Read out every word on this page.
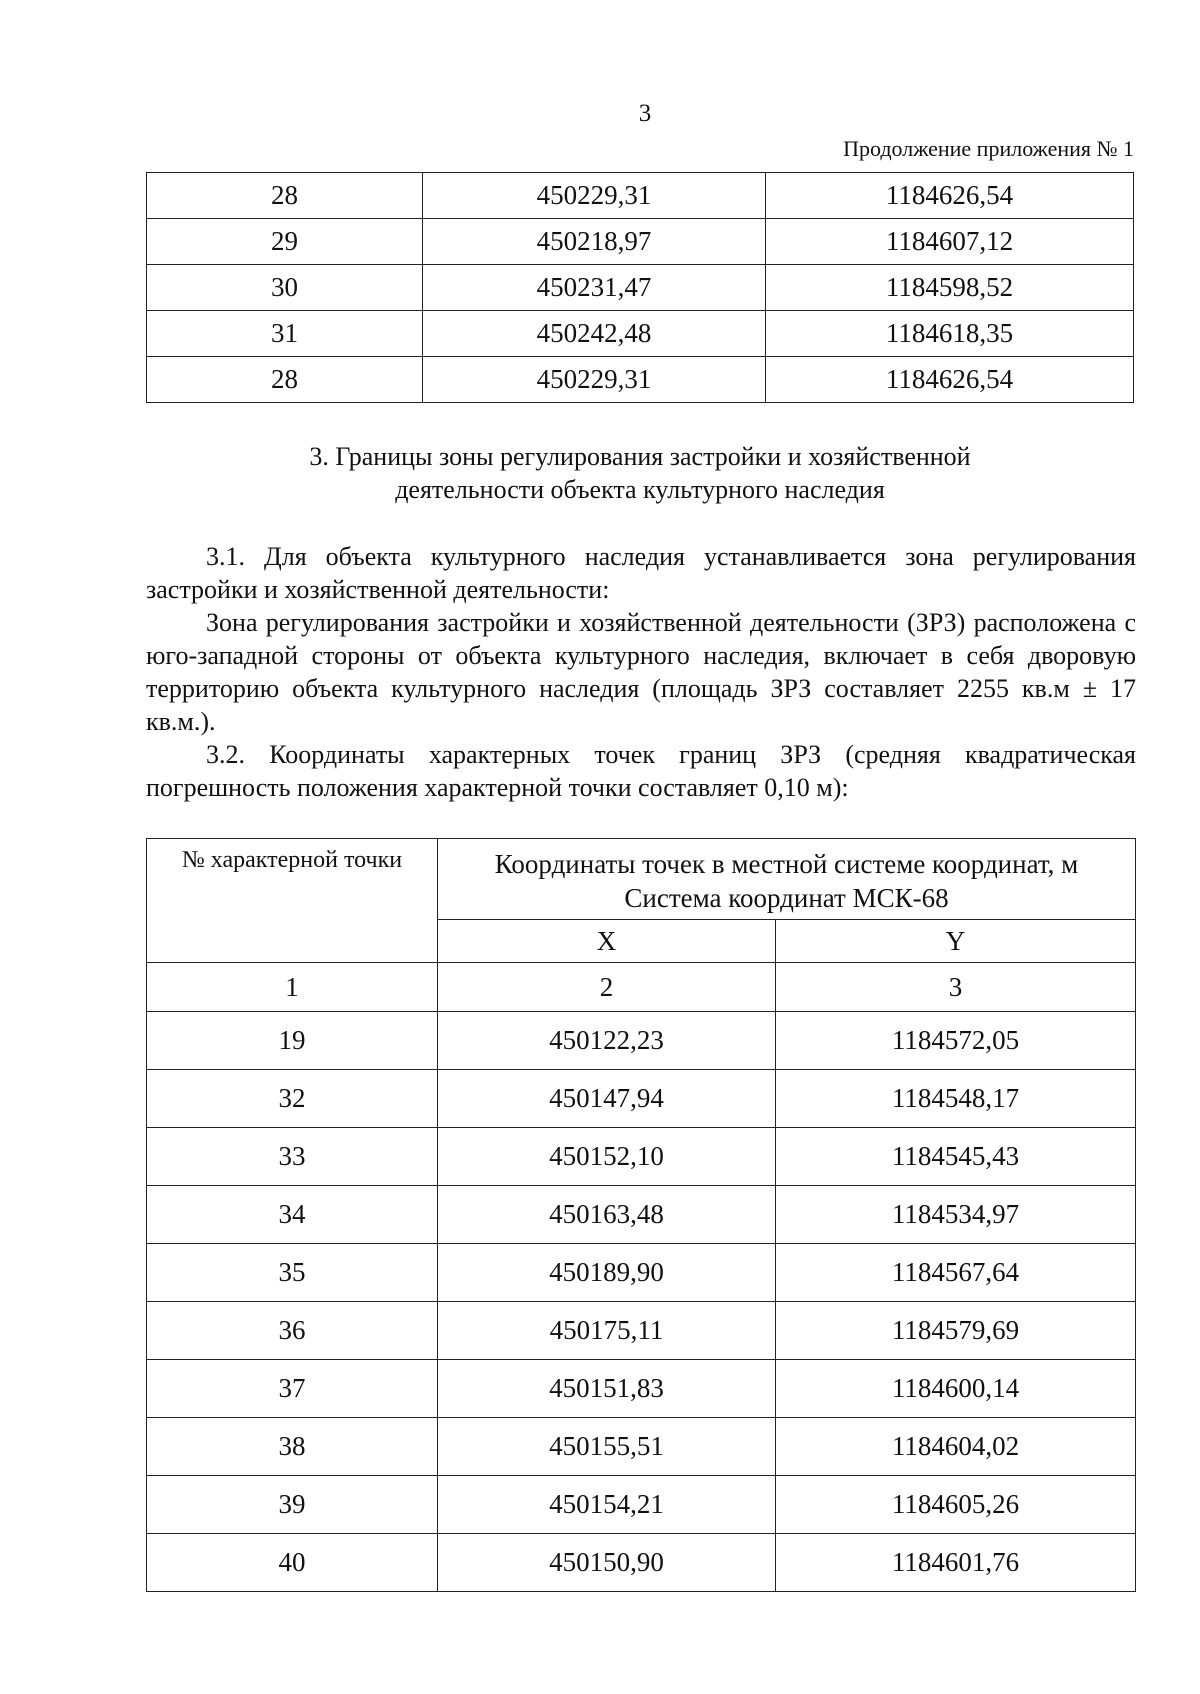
3
Продолжение приложения № 1
28	450229,31	1184626,54
29	450218,97	1184607,12
30	450231,47	1184598,52
31	450242,48	1184618,35
28	450229,31	1184626,54
3. Границы зоны регулирования застройки и хозяйственной
деятельности объекта культурного наследия

3.1. Для объекта культурного наследия устанавливается зона регулирования застройки и хозяйственной деятельности:

Зона регулирования застройки и хозяйственной деятельности (ЗРЗ) расположена с юго-западной стороны от объекта культурного наследия, включает в себя дворовую территорию объекта культурного наследия (площадь ЗРЗ составляет 2255 кв.м ± 17 кв.м.).

3.2. Координаты характерных точек границ ЗРЗ (средняя квадратическая погрешность положения характерной точки составляет 0,10 м):

№ характерной точки	Координаты точек в местной системе координат, м
Система координат МСК-68	

	X	Y
1	2	3
19	450122,23	1184572,05
32	450147,94	1184548,17
33	450152,10	1184545,43
34	450163,48	1184534,97
35	450189,90	1184567,64
36	450175,11	1184579,69
37	450151,83	1184600,14
38	450155,51	1184604,02
39	450154,21	1184605,26
40	450150,90	1184601,76
